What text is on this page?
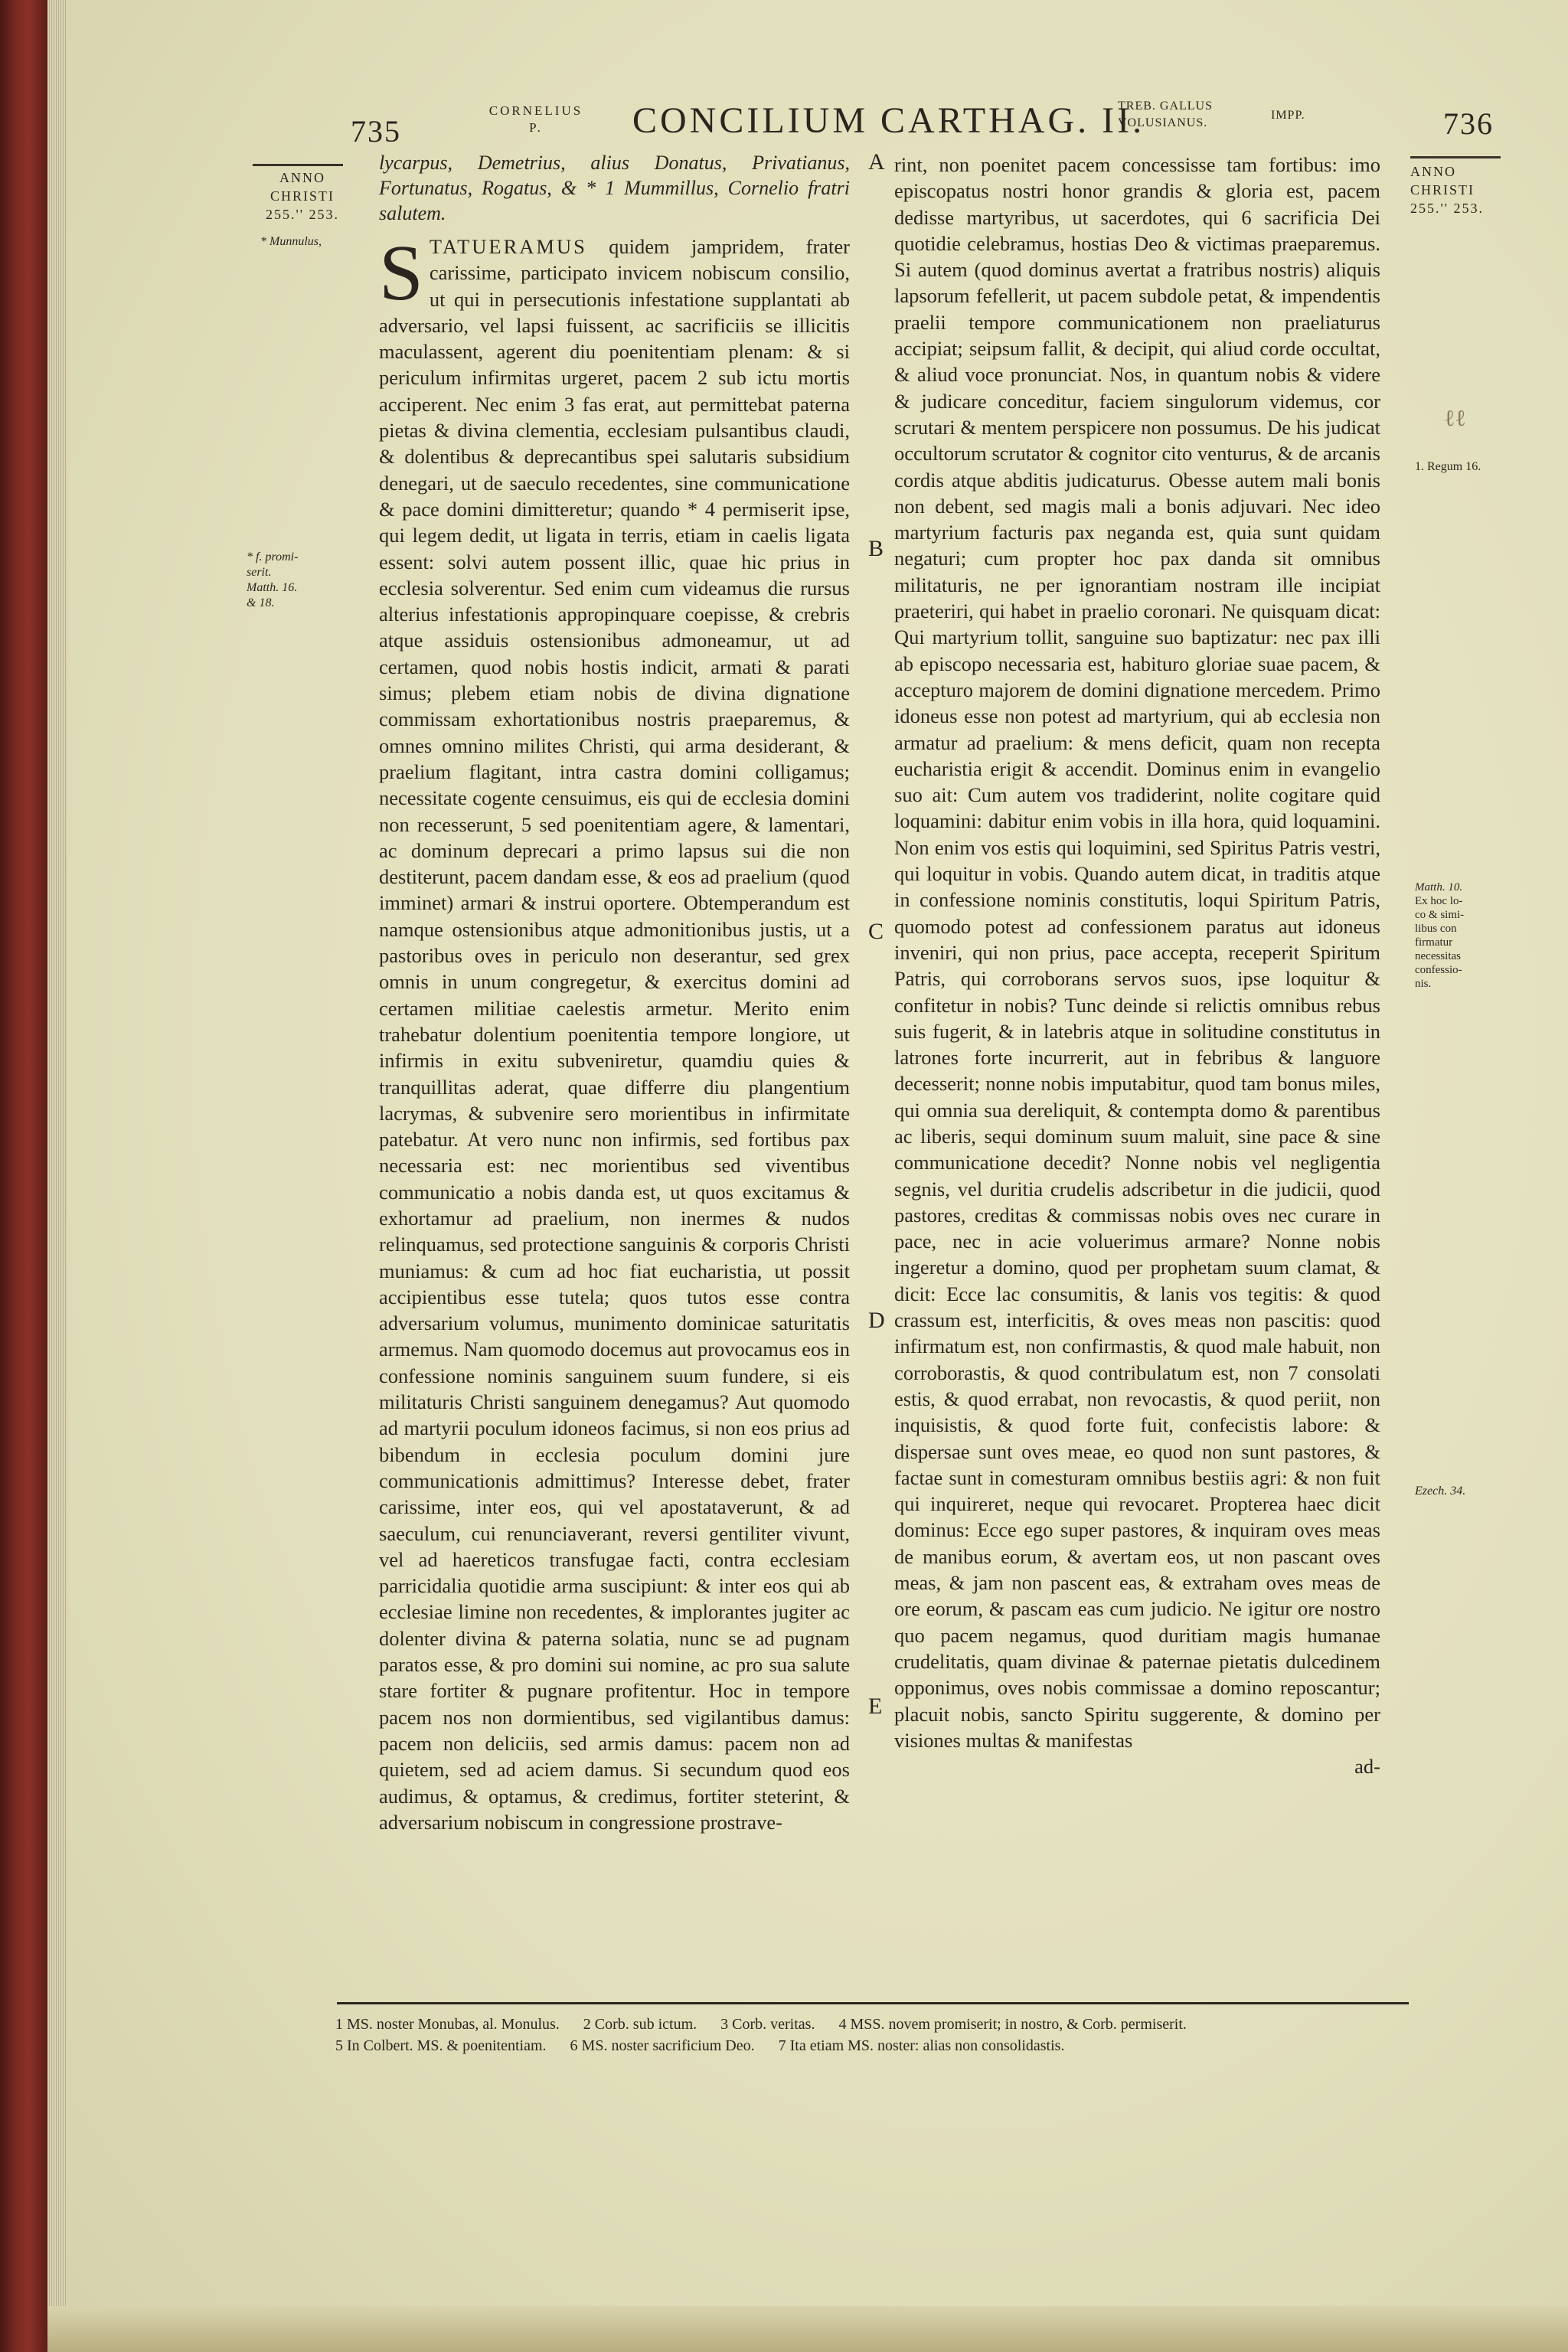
735
CORNELIUS
P.	CONCILIUM CARTHAG. II.
TREB. GALLUS
VOLUSIANUS.
IMPP.	736
ANNO
CHRISTI
255.'' 253.
* Munnulus,
* f. promi-
serit.
Matth. 16.
& 18.
ANNO
CHRISTI
255.'' 253.
ℓℓ
1. Regum 16.
Matth. 10.
Ex hoc lo-
co & simi-
libus con
firmatur
necessitas
confessio-
nis.
Ezech. 34.
A
B
C
D
E

lycarpus, Demetrius, alius Donatus, Privatianus, Fortunatus, Rogatus, & * 1 Mummillus, Cornelio fratri salutem.

STATUERAMUS quidem jampridem, frater carissime, participato invicem nobiscum consilio, ut qui in persecutionis infestatione supplantati ab adversario, vel lapsi fuissent, ac sacrificiis se illicitis maculassent, agerent diu poenitentiam plenam: & si periculum infirmitas urgeret, pacem 2 sub ictu mortis acciperent. Nec enim 3 fas erat, aut permittebat paterna pietas & divina clementia, ecclesiam pulsantibus claudi, & dolentibus & deprecantibus spei salutaris subsidium denegari, ut de saeculo recedentes, sine communicatione & pace domini dimitteretur; quando * 4 permiserit ipse, qui legem dedit, ut ligata in terris, etiam in caelis ligata essent: solvi autem possent illic, quae hic prius in ecclesia solverentur. Sed enim cum videamus die rursus alterius infestationis appropinquare coepisse, & crebris atque assiduis ostensionibus admoneamur, ut ad certamen, quod nobis hostis indicit, armati & parati simus; plebem etiam nobis de divina dignatione commissam exhortationibus nostris praeparemus, & omnes omnino milites Christi, qui arma desiderant, & praelium flagitant, intra castra domini colligamus; necessitate cogente censuimus, eis qui de ecclesia domini non recesserunt, 5 sed poenitentiam agere, & lamentari, ac dominum deprecari a primo lapsus sui die non destiterunt, pacem dandam esse, & eos ad praelium (quod imminet) armari & instrui oportere. Obtemperandum est namque ostensionibus atque admonitionibus justis, ut a pastoribus oves in periculo non deserantur, sed grex omnis in unum congregetur, & exercitus domini ad certamen militiae caelestis armetur. Merito enim trahebatur dolentium poenitentia tempore longiore, ut infirmis in exitu subveniretur, quamdiu quies & tranquillitas aderat, quae differre diu plangentium lacrymas, & subvenire sero morientibus in infirmitate patebatur. At vero nunc non infirmis, sed fortibus pax necessaria est: nec morientibus sed viventibus communicatio a nobis danda est, ut quos excitamus & exhortamur ad praelium, non inermes & nudos relinquamus, sed protectione sanguinis & corporis Christi muniamus: & cum ad hoc fiat eucharistia, ut possit accipientibus esse tutela; quos tutos esse contra adversarium volumus, munimento dominicae saturitatis armemus. Nam quomodo docemus aut provocamus eos in confessione nominis sanguinem suum fundere, si eis militaturis Christi sanguinem denegamus? Aut quomodo ad martyrii poculum idoneos facimus, si non eos prius ad bibendum in ecclesia poculum domini jure communicationis admittimus? Interesse debet, frater carissime, inter eos, qui vel apostataverunt, & ad saeculum, cui renunciaverant, reversi gentiliter vivunt, vel ad haereticos transfugae facti, contra ecclesiam parricidalia quotidie arma suscipiunt: & inter eos qui ab ecclesiae limine non recedentes, & implorantes jugiter ac dolenter divina & paterna solatia, nunc se ad pugnam paratos esse, & pro domini sui nomine, ac pro sua salute stare fortiter & pugnare profitentur. Hoc in tempore pacem nos non dormientibus, sed vigilantibus damus: pacem non deliciis, sed armis damus: pacem non ad quietem, sed ad aciem damus. Si secundum quod eos audimus, & optamus, & credimus, fortiter steterint, & adversarium nobiscum in congressione prostrave-

rint, non poenitet pacem concessisse tam fortibus: imo episcopatus nostri honor grandis & gloria est, pacem dedisse martyribus, ut sacerdotes, qui 6 sacrificia Dei quotidie celebramus, hostias Deo & victimas praeparemus. Si autem (quod dominus avertat a fratribus nostris) aliquis lapsorum fefellerit, ut pacem subdole petat, & impendentis praelii tempore communicationem non praeliaturus accipiat; seipsum fallit, & decipit, qui aliud corde occultat, & aliud voce pronunciat. Nos, in quantum nobis & videre & judicare conceditur, faciem singulorum videmus, cor scrutari & mentem perspicere non possumus. De his judicat occultorum scrutator & cognitor cito venturus, & de arcanis cordis atque abditis judicaturus. Obesse autem mali bonis non debent, sed magis mali a bonis adjuvari. Nec ideo martyrium facturis pax neganda est, quia sunt quidam negaturi; cum propter hoc pax danda sit omnibus militaturis, ne per ignorantiam nostram ille incipiat praeteriri, qui habet in praelio coronari. Ne quisquam dicat: Qui martyrium tollit, sanguine suo baptizatur: nec pax illi ab episcopo necessaria est, habituro gloriae suae pacem, & accepturo majorem de domini dignatione mercedem. Primo idoneus esse non potest ad martyrium, qui ab ecclesia non armatur ad praelium: & mens deficit, quam non recepta eucharistia erigit & accendit. Dominus enim in evangelio suo ait: Cum autem vos tradiderint, nolite cogitare quid loquamini: dabitur enim vobis in illa hora, quid loquamini. Non enim vos estis qui loquimini, sed Spiritus Patris vestri, qui loquitur in vobis. Quando autem dicat, in traditis atque in confessione nominis constitutis, loqui Spiritum Patris, quomodo potest ad confessionem paratus aut idoneus inveniri, qui non prius, pace accepta, receperit Spiritum Patris, qui corroborans servos suos, ipse loquitur & confitetur in nobis? Tunc deinde si relictis omnibus rebus suis fugerit, & in latebris atque in solitudine constitutus in latrones forte incurrerit, aut in febribus & languore decesserit; nonne nobis imputabitur, quod tam bonus miles, qui omnia sua dereliquit, & contempta domo & parentibus ac liberis, sequi dominum suum maluit, sine pace & sine communicatione decedit? Nonne nobis vel negligentia segnis, vel duritia crudelis adscribetur in die judicii, quod pastores, creditas & commissas nobis oves nec curare in pace, nec in acie voluerimus armare? Nonne nobis ingeretur a domino, quod per prophetam suum clamat, & dicit: Ecce lac consumitis, & lanis vos tegitis: & quod crassum est, interficitis, & oves meas non pascitis: quod infirmatum est, non confirmastis, & quod male habuit, non corroborastis, & quod contribulatum est, non 7 consolati estis, & quod errabat, non revocastis, & quod periit, non inquisistis, & quod forte fuit, confecistis labore: & dispersae sunt oves meae, eo quod non sunt pastores, & factae sunt in comesturam omnibus bestiis agri: & non fuit qui inquireret, neque qui revocaret. Propterea haec dicit dominus: Ecce ego super pastores, & inquiram oves meas de manibus eorum, & avertam eos, ut non pascant oves meas, & jam non pascent eas, & extraham oves meas de ore eorum, & pascam eas cum judicio. Ne igitur ore nostro quo pacem negamus, quod duritiam magis humanae crudelitatis, quam divinae & paternae pietatis dulcedinem opponimus, oves nobis commissae a domino reposcantur; placuit nobis, sancto Spiritu suggerente, & domino per visiones multas & manifestas

ad-

1 MS. noster Monubas, al. Monulus. 2 Corb. sub ictum. 3 Corb. veritas. 4 MSS. novem promiserit; in nostro, & Corb. permiserit. 5 In Colbert. MS. & poenitentiam. 6 MS. noster sacrificium Deo. 7 Ita etiam MS. noster: alias non consolidastis.
